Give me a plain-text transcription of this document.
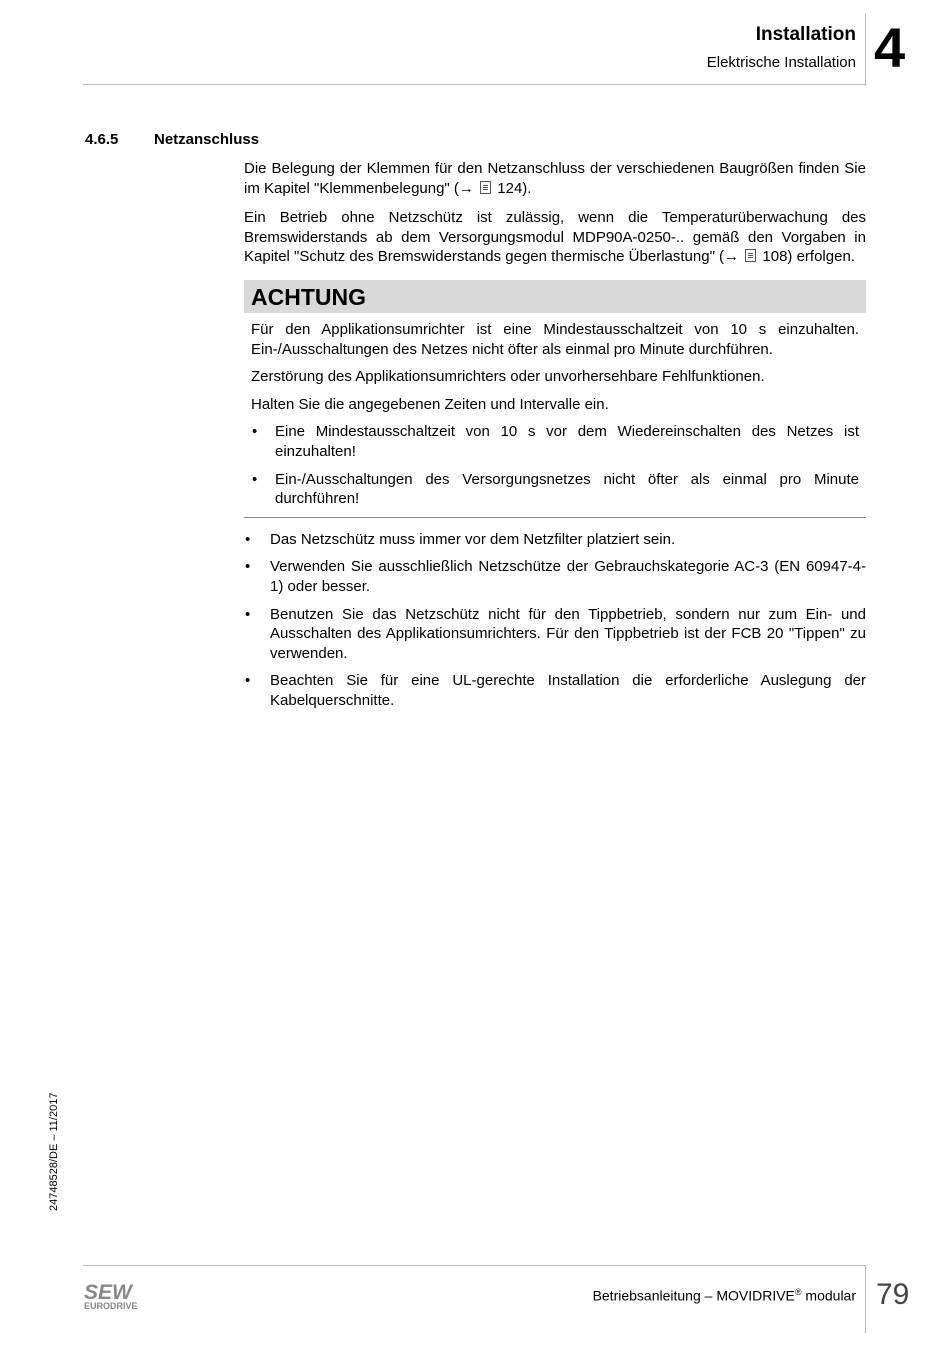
Installation
Elektrische Installation 4
4.6.5 Netzanschluss

Die Belegung der Klemmen für den Netzanschluss der verschiedenen Baugrößen finden Sie im Kapitel "Klemmenbelegung" (→  124).

Ein Betrieb ohne Netzschütz ist zulässig, wenn die Temperaturüberwachung des Bremswiderstands ab dem Versorgungsmodul MDP90A-0250-.. gemäß den Vorgaben in Kapitel "Schutz des Bremswiderstands gegen thermische Überlastung" (→  108) erfolgen.

ACHTUNG

Für den Applikationsumrichter ist eine Mindestausschaltzeit von 10 s einzuhalten. Ein-/Ausschaltungen des Netzes nicht öfter als einmal pro Minute durchführen.

Zerstörung des Applikationsumrichters oder unvorhersehbare Fehlfunktionen.

Halten Sie die angegebenen Zeiten und Intervalle ein.

• Eine Mindestausschaltzeit von 10 s vor dem Wiedereinschalten des Netzes ist einzuhalten!
• Ein-/Ausschaltungen des Versorgungsnetzes nicht öfter als einmal pro Minute durchführen!
• Das Netzschütz muss immer vor dem Netzfilter platziert sein.
• Verwenden Sie ausschließlich Netzschütze der Gebrauchskategorie AC-3 (EN 60947-4-1) oder besser.
• Benutzen Sie das Netzschütz nicht für den Tippbetrieb, sondern nur zum Ein- und Ausschalten des Applikationsumrichters. Für den Tippbetrieb ist der FCB 20 "Tippen" zu verwenden.
• Beachten Sie für eine UL-gerechte Installation die erforderliche Auslegung der Kabelquerschnitte.
24748528/DE – 11/2017
SEW
EURODRIVE
Betriebsanleitung – MOVIDRIVE® modular 79
